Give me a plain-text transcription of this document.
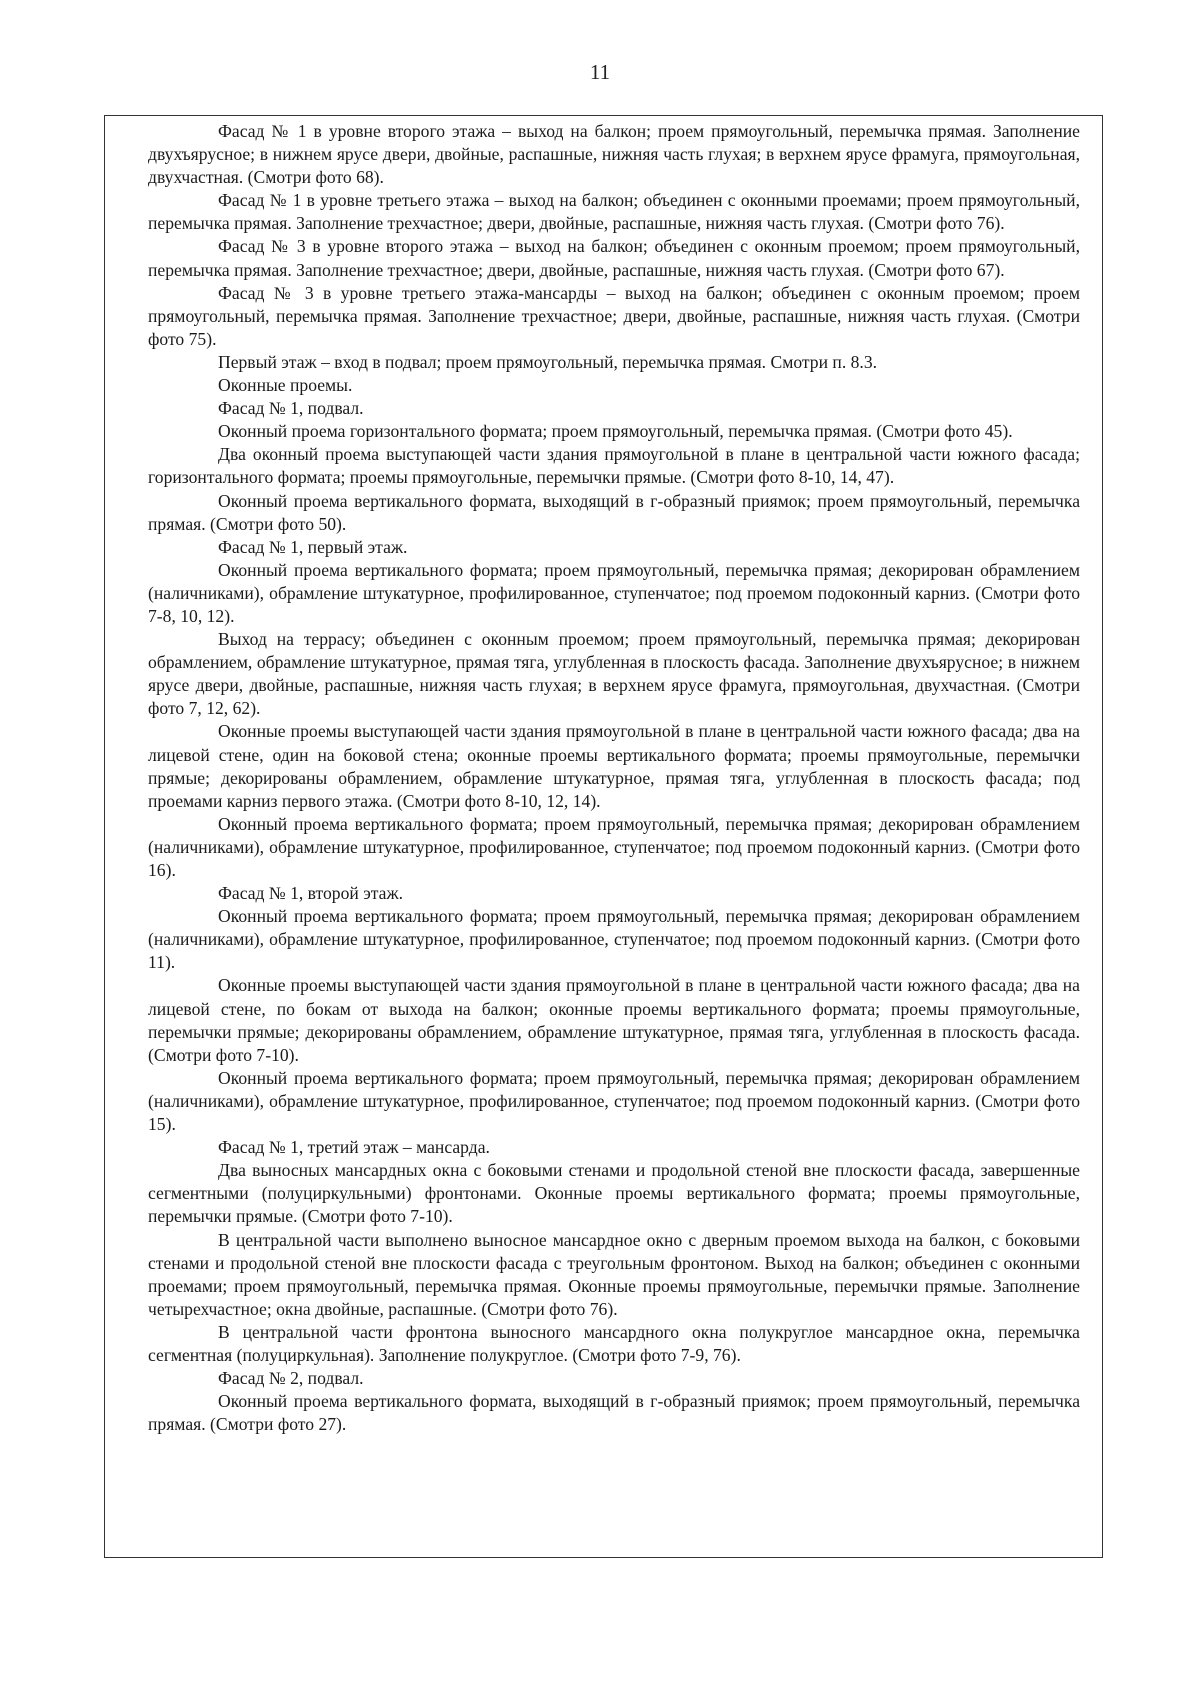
11

Фасад № 1 в уровне второго этажа – выход на балкон; проем прямоугольный, перемычка прямая. Заполнение двухъярусное; в нижнем ярусе двери, двойные, распашные, нижняя часть глухая; в верхнем ярусе фрамуга, прямоугольная, двухчастная. (Смотри фото 68).

Фасад № 1 в уровне третьего этажа – выход на балкон; объединен с оконными проемами; проем прямоугольный, перемычка прямая. Заполнение трехчастное; двери, двойные, распашные, нижняя часть глухая. (Смотри фото 76).

Фасад № 3 в уровне второго этажа – выход на балкон; объединен с оконным проемом; проем прямоугольный, перемычка прямая. Заполнение трехчастное; двери, двойные, распашные, нижняя часть глухая. (Смотри фото 67).

Фасад № 3 в уровне третьего этажа-мансарды – выход на балкон; объединен с оконным проемом; проем прямоугольный, перемычка прямая. Заполнение трехчастное; двери, двойные, распашные, нижняя часть глухая. (Смотри фото 75).

Первый этаж – вход в подвал; проем прямоугольный, перемычка прямая. Смотри п. 8.3.

Оконные проемы.

Фасад № 1, подвал.

Оконный проема горизонтального формата; проем прямоугольный, перемычка прямая. (Смотри фото 45).

Два оконный проема выступающей части здания прямоугольной в плане в центральной части южного фасада; горизонтального формата; проемы прямоугольные, перемычки прямые. (Смотри фото 8-10, 14, 47).

Оконный проема вертикального формата, выходящий в г-образный приямок; проем прямоугольный, перемычка прямая. (Смотри фото 50).

Фасад № 1, первый этаж.

Оконный проема вертикального формата; проем прямоугольный, перемычка прямая; декорирован обрамлением (наличниками), обрамление штукатурное, профилированное, ступенчатое; под проемом подоконный карниз. (Смотри фото 7-8, 10, 12).

Выход на террасу; объединен с оконным проемом; проем прямоугольный, перемычка прямая; декорирован обрамлением, обрамление штукатурное, прямая тяга, углубленная в плоскость фасада. Заполнение двухъярусное; в нижнем ярусе двери, двойные, распашные, нижняя часть глухая; в верхнем ярусе фрамуга, прямоугольная, двухчастная. (Смотри фото 7, 12, 62).

Оконные проемы выступающей части здания прямоугольной в плане в центральной части южного фасада; два на лицевой стене, один на боковой стена; оконные проемы вертикального формата; проемы прямоугольные, перемычки прямые; декорированы обрамлением, обрамление штукатурное, прямая тяга, углубленная в плоскость фасада; под проемами карниз первого этажа. (Смотри фото 8-10, 12, 14).

Оконный проема вертикального формата; проем прямоугольный, перемычка прямая; декорирован обрамлением (наличниками), обрамление штукатурное, профилированное, ступенчатое; под проемом подоконный карниз. (Смотри фото 16).

Фасад № 1, второй этаж.

Оконный проема вертикального формата; проем прямоугольный, перемычка прямая; декорирован обрамлением (наличниками), обрамление штукатурное, профилированное, ступенчатое; под проемом подоконный карниз. (Смотри фото 11).

Оконные проемы выступающей части здания прямоугольной в плане в центральной части южного фасада; два на лицевой стене, по бокам от выхода на балкон; оконные проемы вертикального формата; проемы прямоугольные, перемычки прямые; декорированы обрамлением, обрамление штукатурное, прямая тяга, углубленная в плоскость фасада. (Смотри фото 7-10).

Оконный проема вертикального формата; проем прямоугольный, перемычка прямая; декорирован обрамлением (наличниками), обрамление штукатурное, профилированное, ступенчатое; под проемом подоконный карниз. (Смотри фото 15).

Фасад № 1, третий этаж – мансарда.

Два выносных мансардных окна с боковыми стенами и продольной стеной вне плоскости фасада, завершенные сегментными (полуциркульными) фронтонами. Оконные проемы вертикального формата; проемы прямоугольные, перемычки прямые. (Смотри фото 7-10).

В центральной части выполнено выносное мансардное окно с дверным проемом выхода на балкон, с боковыми стенами и продольной стеной вне плоскости фасада с треугольным фронтоном. Выход на балкон; объединен с оконными проемами; проем прямоугольный, перемычка прямая. Оконные проемы прямоугольные, перемычки прямые. Заполнение четырехчастное; окна двойные, распашные. (Смотри фото 76).

В центральной части фронтона выносного мансардного окна полукруглое мансардное окна, перемычка сегментная (полуциркульная). Заполнение полукруглое. (Смотри фото 7-9, 76).

Фасад № 2, подвал.

Оконный проема вертикального формата, выходящий в г-образный приямок; проем прямоугольный, перемычка прямая. (Смотри фото 27).
